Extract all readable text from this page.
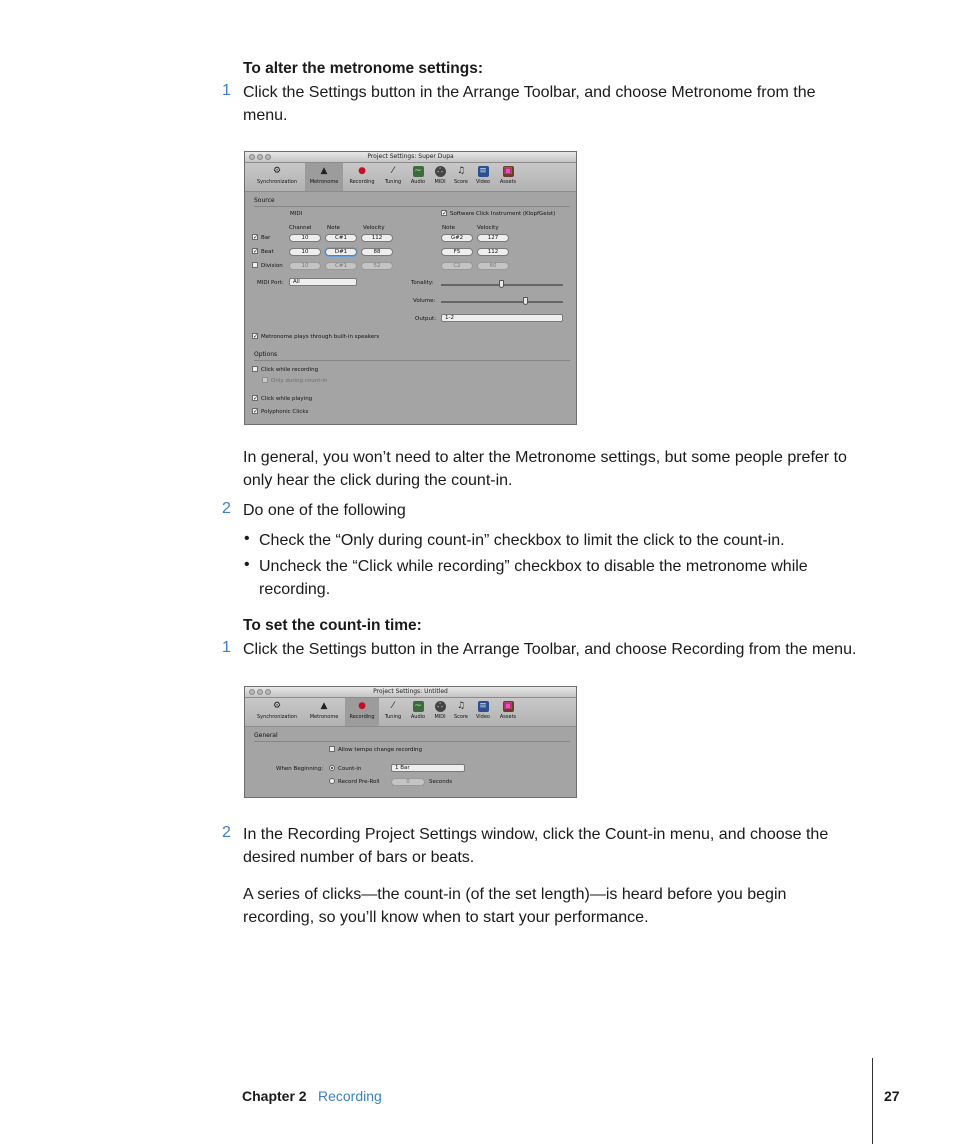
To alter the metronome settings:
1 Click the Settings button in the Arrange Toolbar, and choose Metronome from the
menu.
Project Settings: Super Dupa
⚙
Synchronization
▲
Metronome
●
Recording
⁄
Tuning
~
Audio
∴
MIDI
♫
Score
≡
Video
▣
Assets
Source
MIDI	✓ Software Click Instrument (KlopfGeist)
Channel	Note	Velocity	Note	Velocity
✓ Bar	10	C#1	112	G#2	127
✓ Beat	10	D#1	88	F5	112
Division	10	C#1	52	C2	60
MIDI Port:	All	Tonality:
Volume:
Output:	1-2
✓ Metronome plays through built-in speakers
Options
Click while recording
Only during count-in
✓ Click while playing
✓ Polyphonic Clicks
In general, you won’t need to alter the Metronome settings, but some people prefer to
only hear the click during the count-in.
2 Do one of the following
• Check the “Only during count-in” checkbox to limit the click to the count-in.
• Uncheck the “Click while recording” checkbox to disable the metronome while
recording.
To set the count-in time:
1 Click the Settings button in the Arrange Toolbar, and choose Recording from the menu.
Project Settings: Untitled
⚙
Synchronization
▲
Metronome
●
Recording
⁄
Tuning
~
Audio
∴
MIDI
♫
Score
≡
Video
▣
Assets
General
Allow tempo change recording
When Beginning:	Count-in	1 Bar
Record Pre-Roll	0	Seconds
2 In the Recording Project Settings window, click the Count-in menu, and choose the
desired number of bars or beats.
A series of clicks—the count-in (of the set length)—is heard before you begin
recording, so you’ll know when to start your performance.
Chapter 2 Recording	27
